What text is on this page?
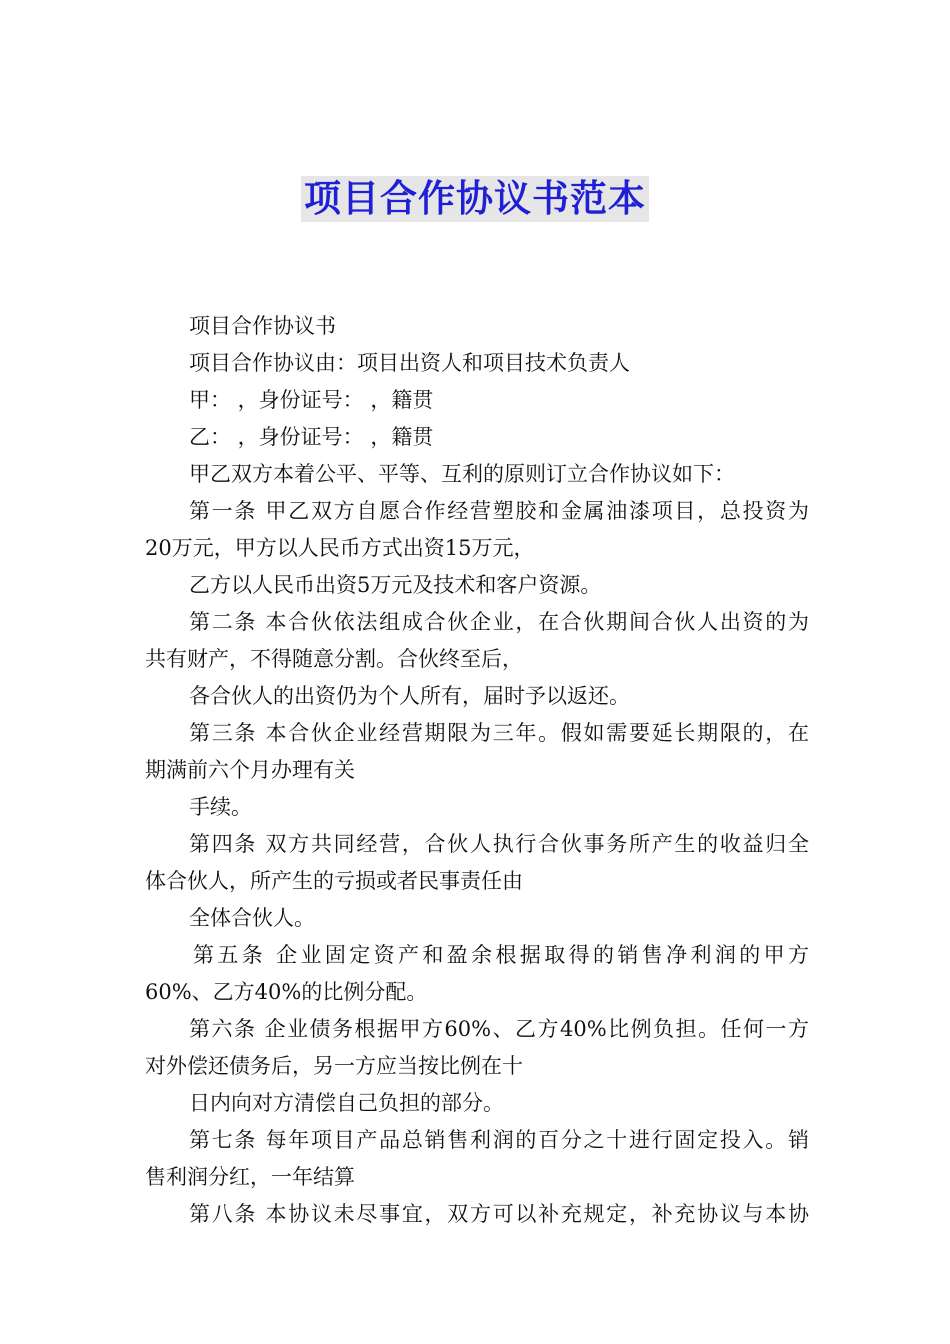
项目合作协议书范本
项目合作协议书
项目合作协议由：项目出资人和项目技术负责人
甲： ，身份证号： ，籍贯
乙： ，身份证号： ，籍贯
甲乙双方本着公平、平等、互利的原则订立合作协议如下：
第一条 甲乙双方自愿合作经营塑胶和金属油漆项目，总投资为
20万元，甲方以人民币方式出资15万元，
乙方以人民币出资5万元及技术和客户资源。
第二条 本合伙依法组成合伙企业，在合伙期间合伙人出资的为
共有财产，不得随意分割。合伙终至后，
各合伙人的出资仍为个人所有，届时予以返还。
第三条 本合伙企业经营期限为三年。假如需要延长期限的，在
期满前六个月办理有关
手续。
第四条 双方共同经营，合伙人执行合伙事务所产生的收益归全
体合伙人，所产生的亏损或者民事责任由
全体合伙人。
第五条 企业固定资产和盈余根据取得的销售净利润的甲方
60%、乙方40%的比例分配。
第六条 企业债务根据甲方60%、乙方40%比例负担。任何一方
对外偿还债务后，另一方应当按比例在十
日内向对方清偿自己负担的部分。
第七条 每年项目产品总销售利润的百分之十进行固定投入。销
售利润分红，一年结算
第八条 本协议未尽事宜，双方可以补充规定，补充协议与本协
